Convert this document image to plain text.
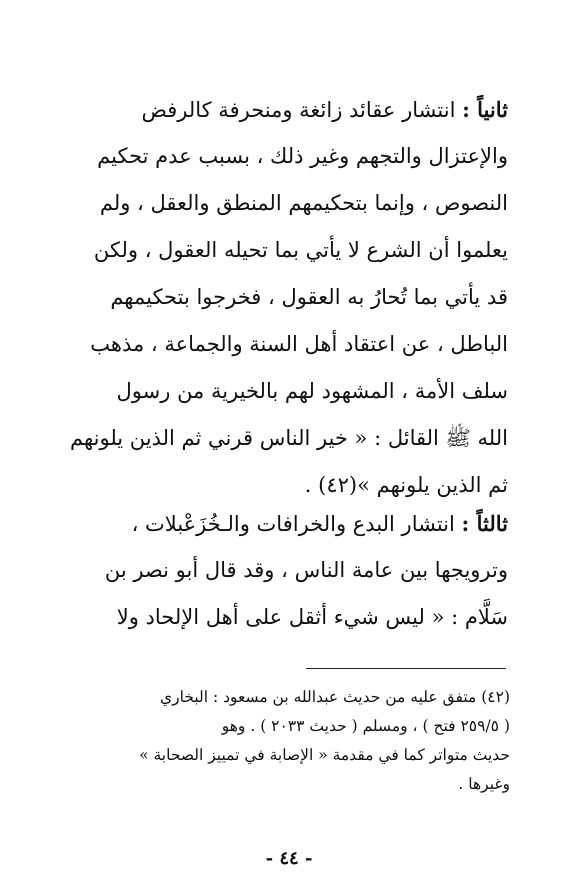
ثانياً : انتشار عقائد زائغة ومنحرفة كالرفض
والإعتزال والتجهم وغير ذلك ، بسبب عدم تحكيم
النصوص ، وإنما بتحكيمهم المنطق والعقل ، ولم
يعلموا أن الشرع لا يأتي بما تحيله العقول ، ولكن
قد يأتي بما تُحارُ به العقول ، فخرجوا بتحكيمهم
الباطل ، عن اعتقاد أهل السنة والجماعة ، مذهب
سلف الأمة ، المشهود لهم بالخيرية من رسول
الله ﷺ القائل : « خير الناس قرني ثم الذين يلونهم
ثم الذين يلونهم »(٤٢) .
ثالثاً : انتشار البدع والخرافات والـخُزَعْبلات ،
وترويجها بين عامة الناس ، وقد قال أبو نصر بن
سَلَّام : « ليس شيء أثقل على أهل الإلحاد ولا
(٤٢) متفق عليه من حديث عبدالله بن مسعود : البخاري
( ٢٥٩/٥ فتح ) ، ومسلم ( حديث ٢٠٣٣ ) . وهو
حديث متواتر كما في مقدمة « الإصابة في تمييز الصحابة »
وغيرها .
- ٤٤ -
